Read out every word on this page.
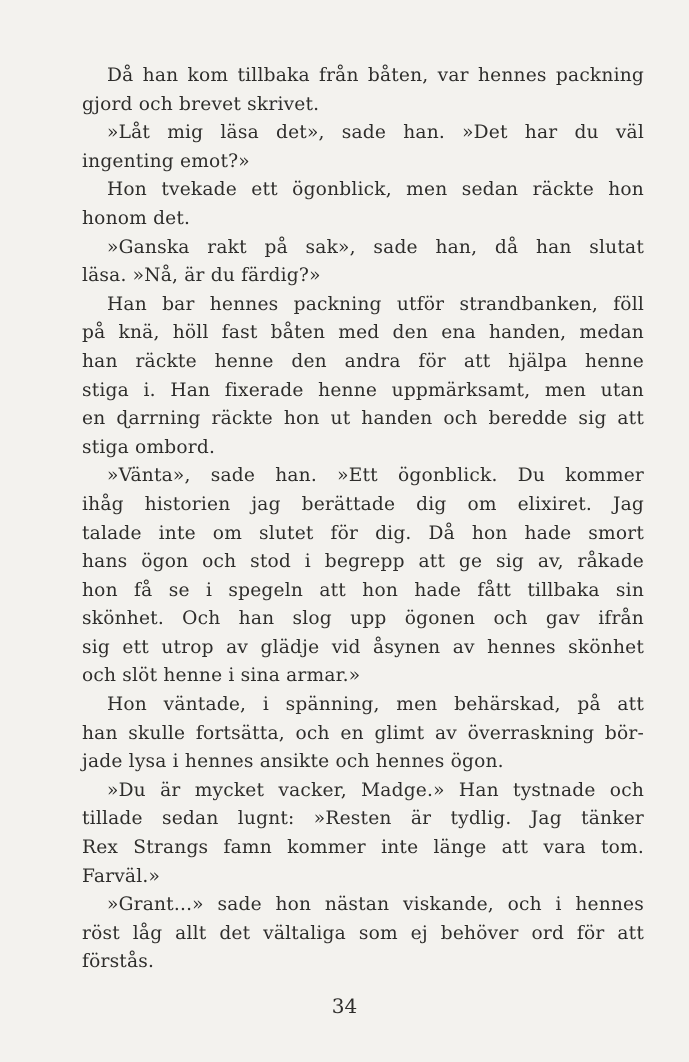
Då han kom tillbaka från båten, var hennes packning
gjord och brevet skrivet.
»Låt mig läsa det», sade han. »Det har du väl
ingenting emot?»
Hon tvekade ett ögonblick, men sedan räckte hon
honom det.
»Ganska rakt på sak», sade han, då han slutat
läsa. »Nå, är du färdig?»
Han bar hennes packning utför strandbanken, föll
på knä, höll fast båten med den ena handen, medan
han räckte henne den andra för att hjälpa henne
stiga i. Han fixerade henne uppmärksamt, men utan
en ɖarrning räckte hon ut handen och beredde sig att
stiga ombord.
»Vänta», sade han. »Ett ögonblick. Du kommer
ihåg historien jag berättade dig om elixiret. Jag
talade inte om slutet för dig. Då hon hade smort
hans ögon och stod i begrepp att ge sig av, råkade
hon få se i spegeln att hon hade fått tillbaka sin
skönhet. Och han slog upp ögonen och gav ifrån
sig ett utrop av glädje vid åsynen av hennes skönhet
och slöt henne i sina armar.»
Hon väntade, i spänning, men behärskad, på att
han skulle fortsätta, och en glimt av överraskning bör-
jade lysa i hennes ansikte och hennes ögon.
»Du är mycket vacker, Madge.» Han tystnade och
tillade sedan lugnt: »Resten är tydlig. Jag tänker
Rex Strangs famn kommer inte länge att vara tom.
Farväl.»
»Grant...» sade hon nästan viskande, och i hennes
röst låg allt det vältaliga som ej behöver ord för att
förstås.
34
